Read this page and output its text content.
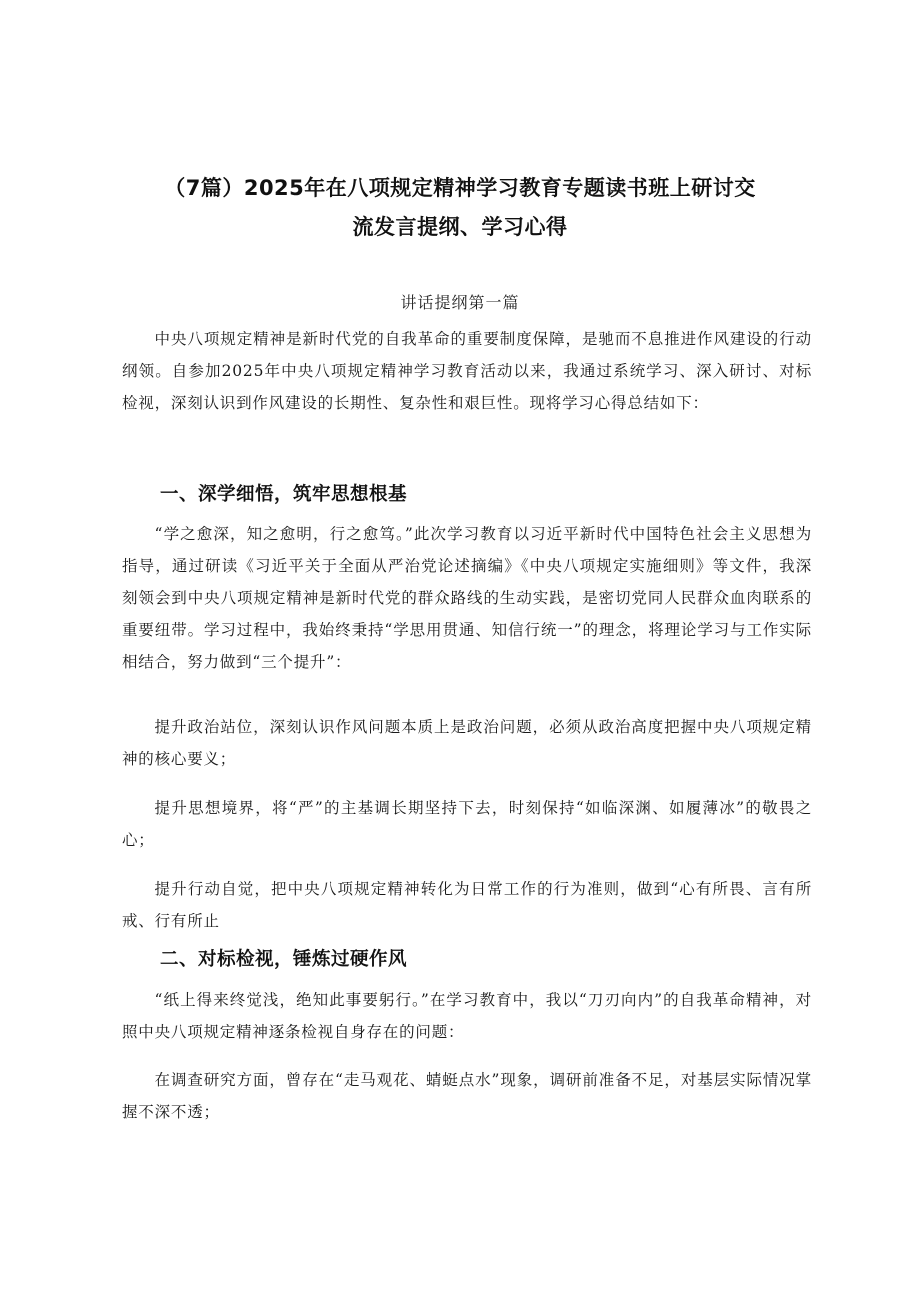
（7篇）2025年在八项规定精神学习教育专题读书班上研讨交
流发言提纲、学习心得
讲话提纲第一篇
中央八项规定精神是新时代党的自我革命的重要制度保障，是驰而不息推进作风建设的行动纲领。自参加2025年中央八项规定精神学习教育活动以来，我通过系统学习、深入研讨、对标检视，深刻认识到作风建设的长期性、复杂性和艰巨性。现将学习心得总结如下：
一、深学细悟，筑牢思想根基
“学之愈深，知之愈明，行之愈笃。”此次学习教育以习近平新时代中国特色社会主义思想为指导，通过研读《习近平关于全面从严治党论述摘编》《中央八项规定实施细则》等文件，我深刻领会到中央八项规定精神是新时代党的群众路线的生动实践，是密切党同人民群众血肉联系的重要纽带。学习过程中，我始终秉持“学思用贯通、知信行统一”的理念，将理论学习与工作实际相结合，努力做到“三个提升”：
提升政治站位，深刻认识作风问题本质上是政治问题，必须从政治高度把握中央八项规定精神的核心要义；
提升思想境界，将“严”的主基调长期坚持下去，时刻保持“如临深渊、如履薄冰”的敬畏之心；
提升行动自觉，把中央八项规定精神转化为日常工作的行为准则，做到“心有所畏、言有所戒、行有所止
二、对标检视，锤炼过硬作风
“纸上得来终觉浅，绝知此事要躬行。”在学习教育中，我以“刀刃向内”的自我革命精神，对照中央八项规定精神逐条检视自身存在的问题：
在调查研究方面，曾存在“走马观花、蜻蜓点水”现象，调研前准备不足，对基层实际情况掌握不深不透；
